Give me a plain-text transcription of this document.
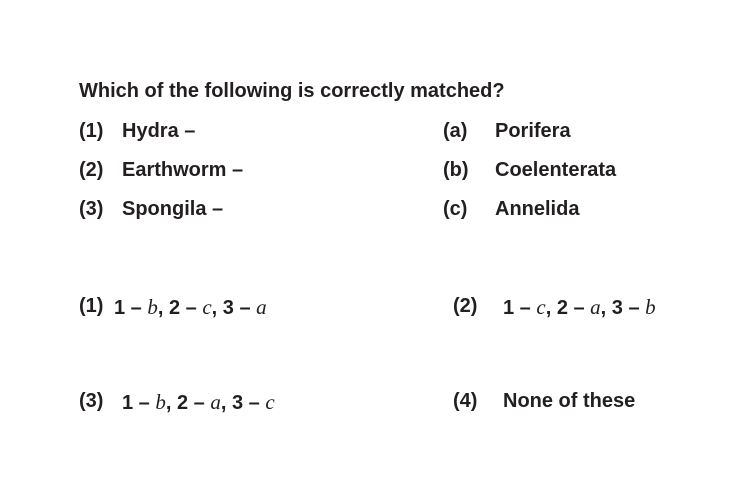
Which of the following is correctly matched?
(1) Hydra –
(2) Earthworm –
(3) Spongila –
(a) Porifera
(b) Coelenterata
(c) Annelida
(1) 1 – b, 2 – c, 3 – a	(2) 1 – c, 2 – a, 3 – b
(3) 1 – b, 2 – a, 3 – c	(4) None of these
